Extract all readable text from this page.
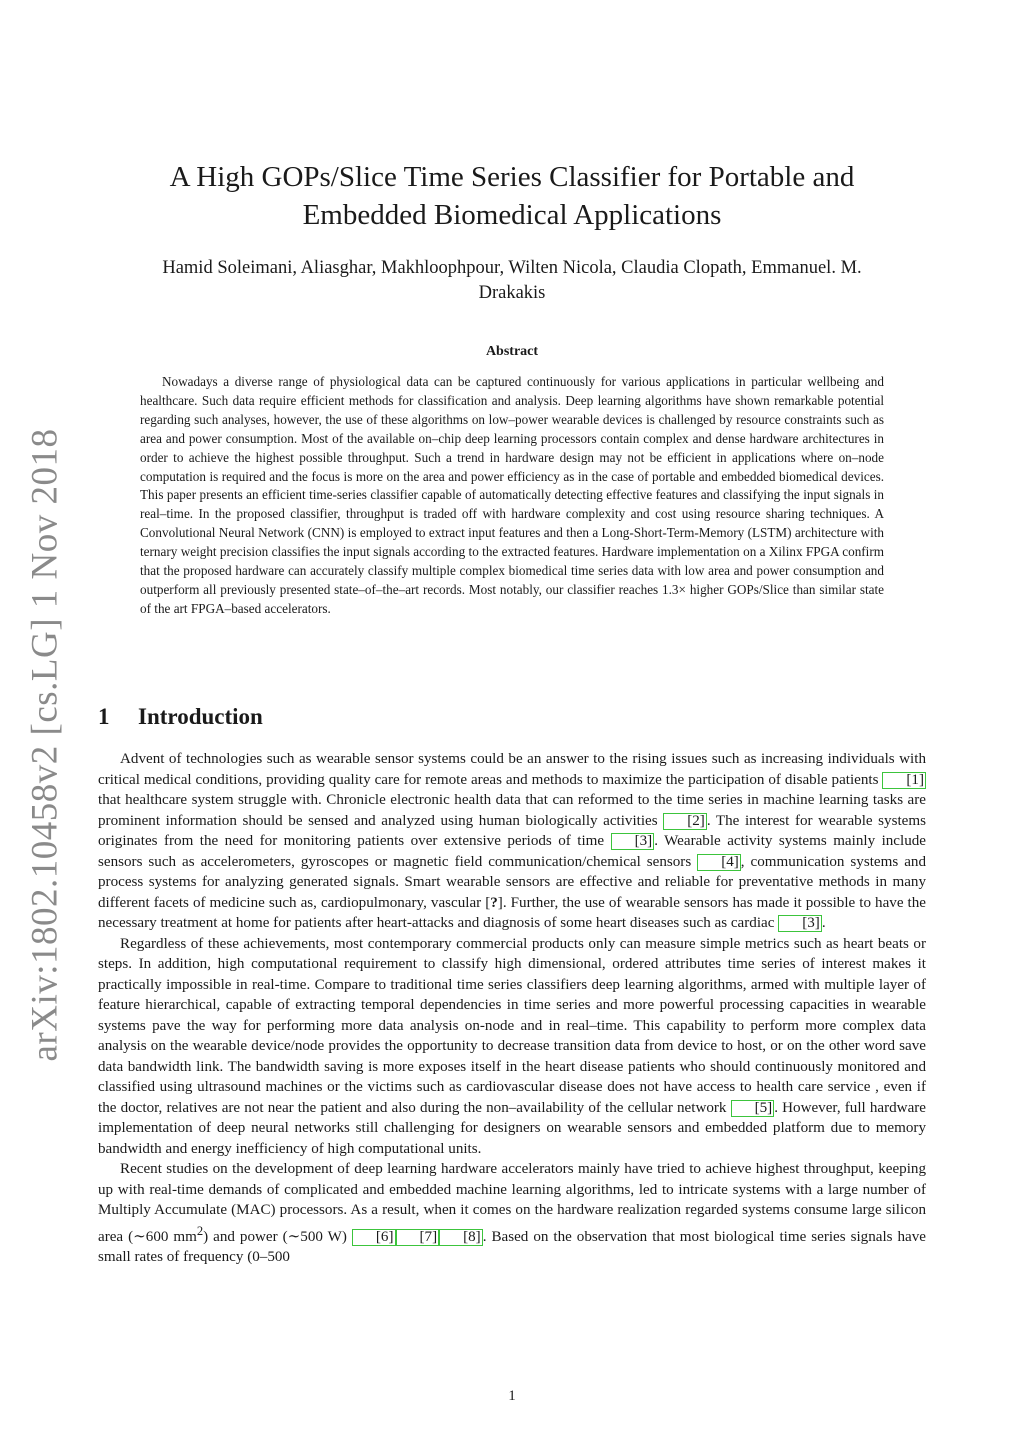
arXiv:1802.10458v2 [cs.LG] 1 Nov 2018
A High GOPs/Slice Time Series Classifier for Portable and Embedded Biomedical Applications
Hamid Soleimani, Aliasghar, Makhloophpour, Wilten Nicola, Claudia Clopath, Emmanuel. M. Drakakis
Abstract

Nowadays a diverse range of physiological data can be captured continuously for various applications in particular wellbeing and healthcare. Such data require efficient methods for classification and analysis. Deep learning algorithms have shown remarkable potential regarding such analyses, however, the use of these algorithms on low–power wearable devices is challenged by resource constraints such as area and power consumption. Most of the available on–chip deep learning processors contain complex and dense hardware architectures in order to achieve the highest possible throughput. Such a trend in hardware design may not be efficient in applications where on–node computation is required and the focus is more on the area and power efficiency as in the case of portable and embedded biomedical devices. This paper presents an efficient time-series classifier capable of automatically detecting effective features and classifying the input signals in real–time. In the proposed classifier, throughput is traded off with hardware complexity and cost using resource sharing techniques. A Convolutional Neural Network (CNN) is employed to extract input features and then a Long-Short-Term-Memory (LSTM) architecture with ternary weight precision classifies the input signals according to the extracted features. Hardware implementation on a Xilinx FPGA confirm that the proposed hardware can accurately classify multiple complex biomedical time series data with low area and power consumption and outperform all previously presented state–of–the–art records. Most notably, our classifier reaches 1.3× higher GOPs/Slice than similar state of the art FPGA–based accelerators.

1 Introduction

Advent of technologies such as wearable sensor systems could be an answer to the rising issues such as increasing individuals with critical medical conditions, providing quality care for remote areas and methods to maximize the participation of disable patients [1] that healthcare system struggle with. Chronicle electronic health data that can reformed to the time series in machine learning tasks are prominent information should be sensed and analyzed using human biologically activities [2] . The interest for wearable systems originates from the need for monitoring patients over extensive periods of time [3] . Wearable activity systems mainly include sensors such as accelerometers, gyroscopes or magnetic field communication/chemical sensors [4] , communication systems and process systems for analyzing generated signals. Smart wearable sensors are effective and reliable for preventative methods in many different facets of medicine such as, cardiopulmonary, vascular [?]. Further, the use of wearable sensors has made it possible to have the necessary treatment at home for patients after heart-attacks and diagnosis of some heart diseases such as cardiac [3] .

Regardless of these achievements, most contemporary commercial products only can measure simple metrics such as heart beats or steps. In addition, high computational requirement to classify high dimensional, ordered attributes time series of interest makes it practically impossible in real-time. Compare to traditional time series classifiers deep learning algorithms, armed with multiple layer of feature hierarchical, capable of extracting temporal dependencies in time series and more powerful processing capacities in wearable systems pave the way for performing more data analysis on-node and in real–time. This capability to perform more complex data analysis on the wearable device/node provides the opportunity to decrease transition data from device to host, or on the other word save data bandwidth link. The bandwidth saving is more exposes itself in the heart disease patients who should continuously monitored and classified using ultrasound machines or the victims such as cardiovascular disease does not have access to health care service , even if the doctor, relatives are not near the patient and also during the non–availability of the cellular network [5] . However, full hardware implementation of deep neural networks still challenging for designers on wearable sensors and embedded platform due to memory bandwidth and energy inefficiency of high computational units.

Recent studies on the development of deep learning hardware accelerators mainly have tried to achieve highest throughput, keeping up with real-time demands of complicated and embedded machine learning algorithms, led to intricate systems with a large number of Multiply Accumulate (MAC) processors. As a result, when it comes on the hardware realization regarded systems consume large silicon area (∼600 $mm^2$) and power (∼500 W) [6] [7] [8] . Based on the observation that most biological time series signals have small rates of frequency (0–500

1
